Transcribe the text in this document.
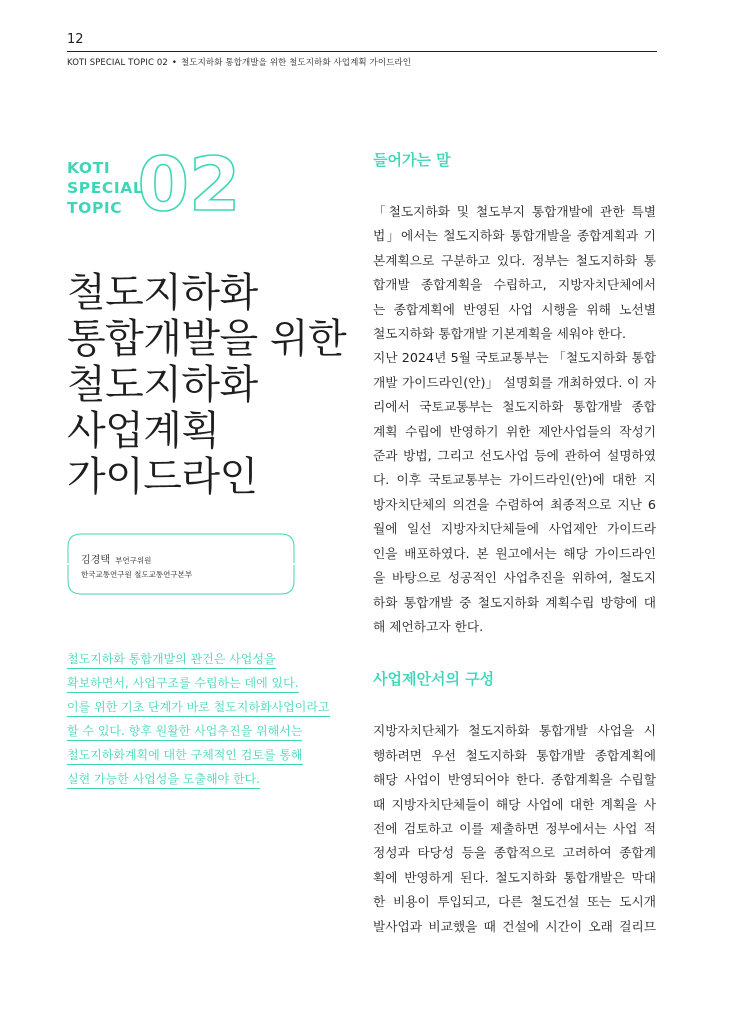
12
KOTI SPECIAL TOPIC 02 • 철도지하화 통합개발을 위한 철도지하화 사업계획 가이드라인
KOTI
SPECIAL
TOPIC 02
철도지하화
통합개발을 위한
철도지하화
사업계획
가이드라인
김경택 부연구위원
한국교통연구원 철도교통연구본부
철도지하화 통합개발의 관건은 사업성을
확보하면서, 사업구조를 수립하는 데에 있다.
이를 위한 기초 단계가 바로 철도지하화사업이라고
할 수 있다. 향후 원활한 사업추진을 위해서는
철도지하화계획에 대한 구체적인 검토를 통해
실현 가능한 사업성을 도출해야 한다.
들어가는 말

「철도지하화 및 철도부지 통합개발에 관한 특별
법」에서는 철도지하화 통합개발을 종합계획과 기
본계획으로 구분하고 있다. 정부는 철도지하화 통
합개발 종합계획을 수립하고, 지방자치단체에서
는 종합계획에 반영된 사업 시행을 위해 노선별
철도지하화 통합개발 기본계획을 세워야 한다.

지난 2024년 5월 국토교통부는 「철도지하화 통합
개발 가이드라인(안)」 설명회를 개최하였다. 이 자
리에서 국토교통부는 철도지하화 통합개발 종합
계획 수립에 반영하기 위한 제안사업들의 작성기
준과 방법, 그리고 선도사업 등에 관하여 설명하였
다. 이후 국토교통부는 가이드라인(안)에 대한 지
방자치단체의 의견을 수렴하여 최종적으로 지난 6
월에 일선 지방자치단체들에 사업제안 가이드라
인을 배포하였다. 본 원고에서는 해당 가이드라인
을 바탕으로 성공적인 사업추진을 위하여, 철도지
하화 통합개발 중 철도지하화 계획수립 방향에 대
해 제언하고자 한다.

사업제안서의 구성

지방자치단체가 철도지하화 통합개발 사업을 시
행하려면 우선 철도지하화 통합개발 종합계획에
해당 사업이 반영되어야 한다. 종합계획을 수립할
때 지방자치단체들이 해당 사업에 대한 계획을 사
전에 검토하고 이를 제출하면 정부에서는 사업 적
정성과 타당성 등을 종합적으로 고려하여 종합계
획에 반영하게 된다. 철도지하화 통합개발은 막대
한 비용이 투입되고, 다른 철도건설 또는 도시개
발사업과 비교했을 때 건설에 시간이 오래 걸리므
